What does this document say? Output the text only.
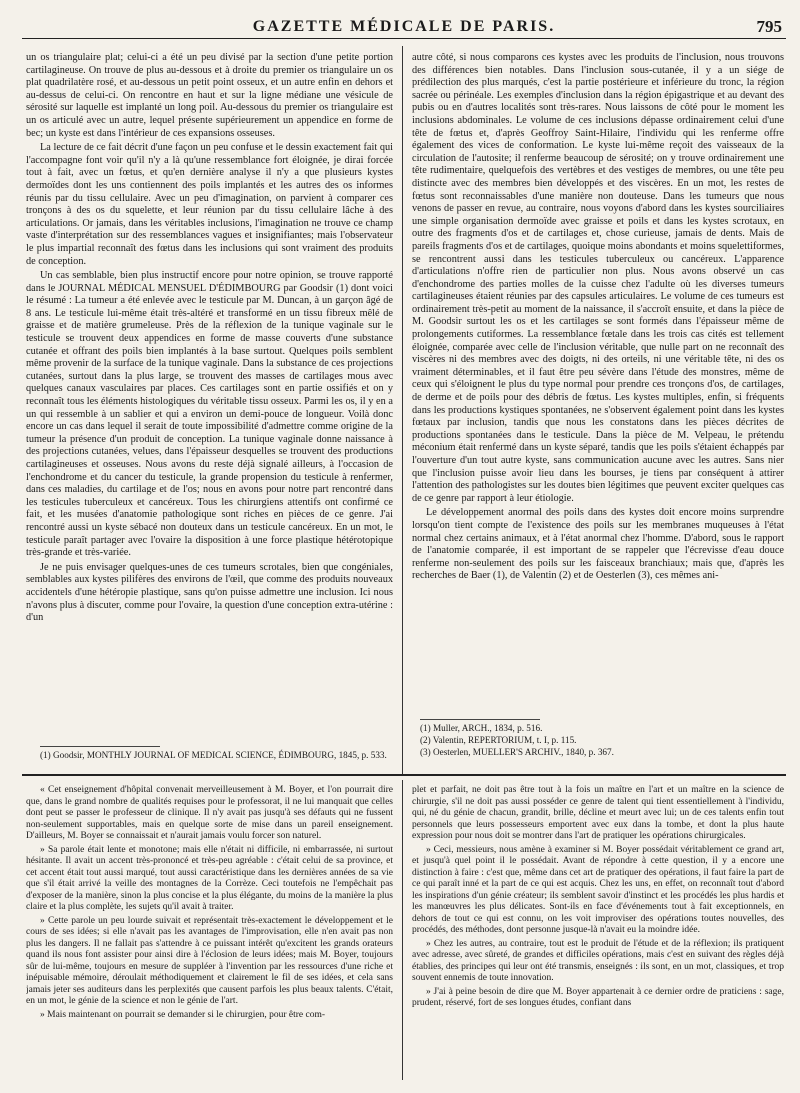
GAZETTE MÉDICALE DE PARIS.	795

un os triangulaire plat; celui-ci a été un peu divisé par la section d'une petite portion cartilagineuse. On trouve de plus au-dessous et à droite du premier os triangulaire un os plat quadrilatère rosé, et au-dessous un petit point osseux, et un autre enfin en dehors et au-dessus de celui-ci. On rencontre en haut et sur la ligne médiane une vésicule de sérosité sur laquelle est implanté un long poil. Au-dessous du premier os triangulaire est un os articulé avec un autre, lequel présente supérieurement un appendice en forme de bec; un kyste est dans l'intérieur de ces expansions osseuses.

La lecture de ce fait décrit d'une façon un peu confuse et le dessin exactement fait qui l'accompagne font voir qu'il n'y a là qu'une ressemblance fort éloignée, je dirai forcée tout à fait, avec un fœtus, et qu'en dernière analyse il n'y a que plusieurs kystes dermoïdes dont les uns contiennent des poils implantés et les autres des os informes réunis par du tissu cellulaire. Avec un peu d'imagination, on parvient à comparer ces tronçons à des os du squelette, et leur réunion par du tissu cellulaire lâche à des articulations. Or jamais, dans les véritables inclusions, l'imagination ne trouve ce champ vaste d'interprétation sur des ressemblances vagues et insignifiantes; mais l'observateur le plus impartial reconnaît des fœtus dans les inclusions qui sont vraiment des produits de conception.

Un cas semblable, bien plus instructif encore pour notre opinion, se trouve rapporté dans le JOURNAL MÉDICAL MENSUEL D'ÉDIMBOURG par Goodsir (1) dont voici le résumé : La tumeur a été enlevée avec le testicule par M. Duncan, à un garçon âgé de 8 ans. Le testicule lui-même était très-altéré et transformé en un tissu fibreux mêlé de graisse et de matière grumeleuse. Près de la réflexion de la tunique vaginale sur le testicule se trouvent deux appendices en forme de masse couverts d'une substance cutanée et offrant des poils bien implantés à la base surtout. Quelques poils semblent même provenir de la surface de la tunique vaginale. Dans la substance de ces projections cutanées, surtout dans la plus large, se trouvent des masses de cartilages mous avec quelques canaux vasculaires par places. Ces cartilages sont en partie ossifiés et on y reconnaît tous les éléments histologiques du véritable tissu osseux. Parmi les os, il y en a un qui ressemble à un sablier et qui a environ un demi-pouce de longueur. Voilà donc encore un cas dans lequel il serait de toute impossibilité d'admettre comme origine de la tumeur la présence d'un produit de conception. La tunique vaginale donne naissance à des projections cutanées, velues, dans l'épaisseur desquelles se trouvent des productions cartilagineuses et osseuses. Nous avons du reste déjà signalé ailleurs, à l'occasion de l'enchondrome et du cancer du testicule, la grande propension du testicule à renfermer, dans ces maladies, du cartilage et de l'os; nous en avons pour notre part rencontré dans les testicules tuberculeux et cancéreux. Tous les chirurgiens attentifs ont confirmé ce fait, et les musées d'anatomie pathologique sont riches en pièces de ce genre. J'ai rencontré aussi un kyste sébacé non douteux dans un testicule cancéreux. En un mot, le testicule paraît partager avec l'ovaire la disposition à une force plastique hétérotopique très-grande et très-variée.

Je ne puis envisager quelques-unes de ces tumeurs scrotales, bien que congéniales, semblables aux kystes pilifères des environs de l'œil, que comme des produits nouveaux accidentels d'une hétéropie plastique, sans qu'on puisse admettre une inclusion. Ici nous n'avons plus à discuter, comme pour l'ovaire, la question d'une conception extra-utérine : d'un

autre côté, si nous comparons ces kystes avec les produits de l'inclusion, nous trouvons des différences bien notables. Dans l'inclusion sous-cutanée, il y a un siége de prédilection des plus marqués, c'est la partie postérieure et inférieure du tronc, la région sacrée ou périnéale. Les exemples d'inclusion dans la région épigastrique et au devant des pubis ou en d'autres localités sont très-rares. Nous laissons de côté pour le moment les inclusions abdominales. Le volume de ces inclusions dépasse ordinairement celui d'une tête de fœtus et, d'après Geoffroy Saint-Hilaire, l'individu qui les renferme offre également des vices de conformation. Le kyste lui-même reçoit des vaisseaux de la circulation de l'autosite; il renferme beaucoup de sérosité; on y trouve ordinairement une tête rudimentaire, quelquefois des vertèbres et des vestiges de membres, ou une tête peu distincte avec des membres bien développés et des viscères. En un mot, les restes de fœtus sont reconnaissables d'une manière non douteuse. Dans les tumeurs que nous venons de passer en revue, au contraire, nous voyons d'abord dans les kystes sourciliaires une simple organisation dermoïde avec graisse et poils et dans les kystes scrotaux, en outre des fragments d'os et de cartilages et, chose curieuse, jamais de dents. Mais de pareils fragments d'os et de cartilages, quoique moins abondants et moins squelettiformes, se rencontrent aussi dans les testicules tuberculeux ou cancéreux. L'apparence d'articulations n'offre rien de particulier non plus. Nous avons observé un cas d'enchondrome des parties molles de la cuisse chez l'adulte où les diverses tumeurs cartilagineuses étaient réunies par des capsules articulaires. Le volume de ces tumeurs est ordinairement très-petit au moment de la naissance, il s'accroît ensuite, et dans la pièce de M. Goodsir surtout les os et les cartilages se sont formés dans l'épaisseur même de prolongements cutiformes. La ressemblance fœtale dans les trois cas cités est tellement éloignée, comparée avec celle de l'inclusion véritable, que nulle part on ne reconnaît des viscères ni des membres avec des doigts, ni des orteils, ni une véritable tête, ni des os vraiment déterminables, et il faut être peu sévère dans l'étude des monstres, même de ceux qui s'éloignent le plus du type normal pour prendre ces tronçons d'os, de cartilages, de derme et de poils pour des débris de fœtus. Les kystes multiples, enfin, si fréquents dans les productions kystiques spontanées, ne s'observent également point dans les kystes fœtaux par inclusion, tandis que nous les constatons dans les pièces décrites de productions spontanées dans le testicule. Dans la pièce de M. Velpeau, le prétendu méconium était renfermé dans un kyste séparé, tandis que les poils s'étaient échappés par l'ouverture d'un tout autre kyste, sans communication aucune avec les autres. Sans nier que l'inclusion puisse avoir lieu dans les bourses, je tiens par conséquent à attirer l'attention des pathologistes sur les doutes bien légitimes que peuvent exciter quelques cas de ce genre par rapport à leur étiologie.

Le développement anormal des poils dans des kystes doit encore moins surprendre lorsqu'on tient compte de l'existence des poils sur les membranes muqueuses à l'état normal chez certains animaux, et à l'état anormal chez l'homme. D'abord, sous le rapport de l'anatomie comparée, il est important de se rappeler que l'écrevisse d'eau douce renferme non-seulement des poils sur les faisceaux branchiaux; mais que, d'après les recherches de Baer (1), de Valentin (2) et de Oesterlen (3), ces mêmes ani-

(1) Goodsir, MONTHLY JOURNAL OF MEDICAL SCIENCE, ÉDIMBOURG, 1845, p. 533.
(1) Muller, ARCH., 1834, p. 516.
(2) Valentin, REPERTORIUM, t. I, p. 115.
(3) Oesterlen, MUELLER'S ARCHIV., 1840, p. 367.

« Cet enseignement d'hôpital convenait merveilleusement à M. Boyer, et l'on pourrait dire que, dans le grand nombre de qualités requises pour le professorat, il ne lui manquait que celles dont peut se passer le professeur de clinique. Il n'y avait pas jusqu'à ses défauts qui ne fussent non-seulement supportables, mais en quelque sorte de mise dans un pareil enseignement. D'ailleurs, M. Boyer se connaissait et n'aurait jamais voulu forcer son naturel.

» Sa parole était lente et monotone; mais elle n'était ni difficile, ni embarrassée, ni surtout hésitante. Il avait un accent très-prononcé et très-peu agréable : c'était celui de sa province, et cet accent était tout aussi marqué, tout aussi caractéristique dans les dernières années de sa vie que s'il était arrivé la veille des montagnes de la Corrèze. Ceci toutefois ne l'empêchait pas d'exposer de la manière, sinon la plus concise et la plus élégante, du moins de la manière la plus claire et la plus complète, les sujets qu'il avait à traiter.

» Cette parole un peu lourde suivait et représentait très-exactement le développement et le cours de ses idées; si elle n'avait pas les avantages de l'improvisation, elle n'en avait pas non plus les dangers. Il ne fallait pas s'attendre à ce puissant intérêt qu'excitent les grands orateurs quand ils nous font assister pour ainsi dire à l'éclosion de leurs idées; mais M. Boyer, toujours sûr de lui-même, toujours en mesure de suppléer à l'invention par les ressources d'une riche et inépuisable mémoire, déroulait méthodiquement et clairement le fil de ses idées, et cela sans jamais jeter ses auditeurs dans les perplexités que causent parfois les plus beaux talents. C'était, en un mot, le génie de la science et non le génie de l'art.

» Mais maintenant on pourrait se demander si le chirurgien, pour être com-

plet et parfait, ne doit pas être tout à la fois un maître en l'art et un maître en la science de chirurgie, s'il ne doit pas aussi posséder ce genre de talent qui tient essentiellement à l'individu, qui, né du génie de chacun, grandit, brille, décline et meurt avec lui; un de ces talents enfin tout personnels que leurs possesseurs emportent avec eux dans la tombe, et dont la plus haute expression pour nous doit se montrer dans l'art de pratiquer les opérations chirurgicales.

» Ceci, messieurs, nous amène à examiner si M. Boyer possédait véritablement ce grand art, et jusqu'à quel point il le possédait. Avant de répondre à cette question, il y a encore une distinction à faire : c'est que, même dans cet art de pratiquer des opérations, il faut faire la part de ce qui paraît inné et la part de ce qui est acquis. Chez les uns, en effet, on reconnaît tout d'abord les inspirations d'un génie créateur; ils semblent savoir d'instinct et les procédés les plus hardis et les manœuvres les plus délicates. Sont-ils en face d'événements tout à fait exceptionnels, en dehors de tout ce qui est connu, on les voit improviser des opérations toutes nouvelles, des procédés, des méthodes, dont personne jusque-là n'avait eu la moindre idée.

» Chez les autres, au contraire, tout est le produit de l'étude et de la réflexion; ils pratiquent avec adresse, avec sûreté, de grandes et difficiles opérations, mais c'est en suivant des règles déjà établies, des principes qui leur ont été transmis, enseignés : ils sont, en un mot, classiques, et trop souvent ennemis de toute innovation.

» J'ai à peine besoin de dire que M. Boyer appartenait à ce dernier ordre de praticiens : sage, prudent, réservé, fort de ses longues études, confiant dans
